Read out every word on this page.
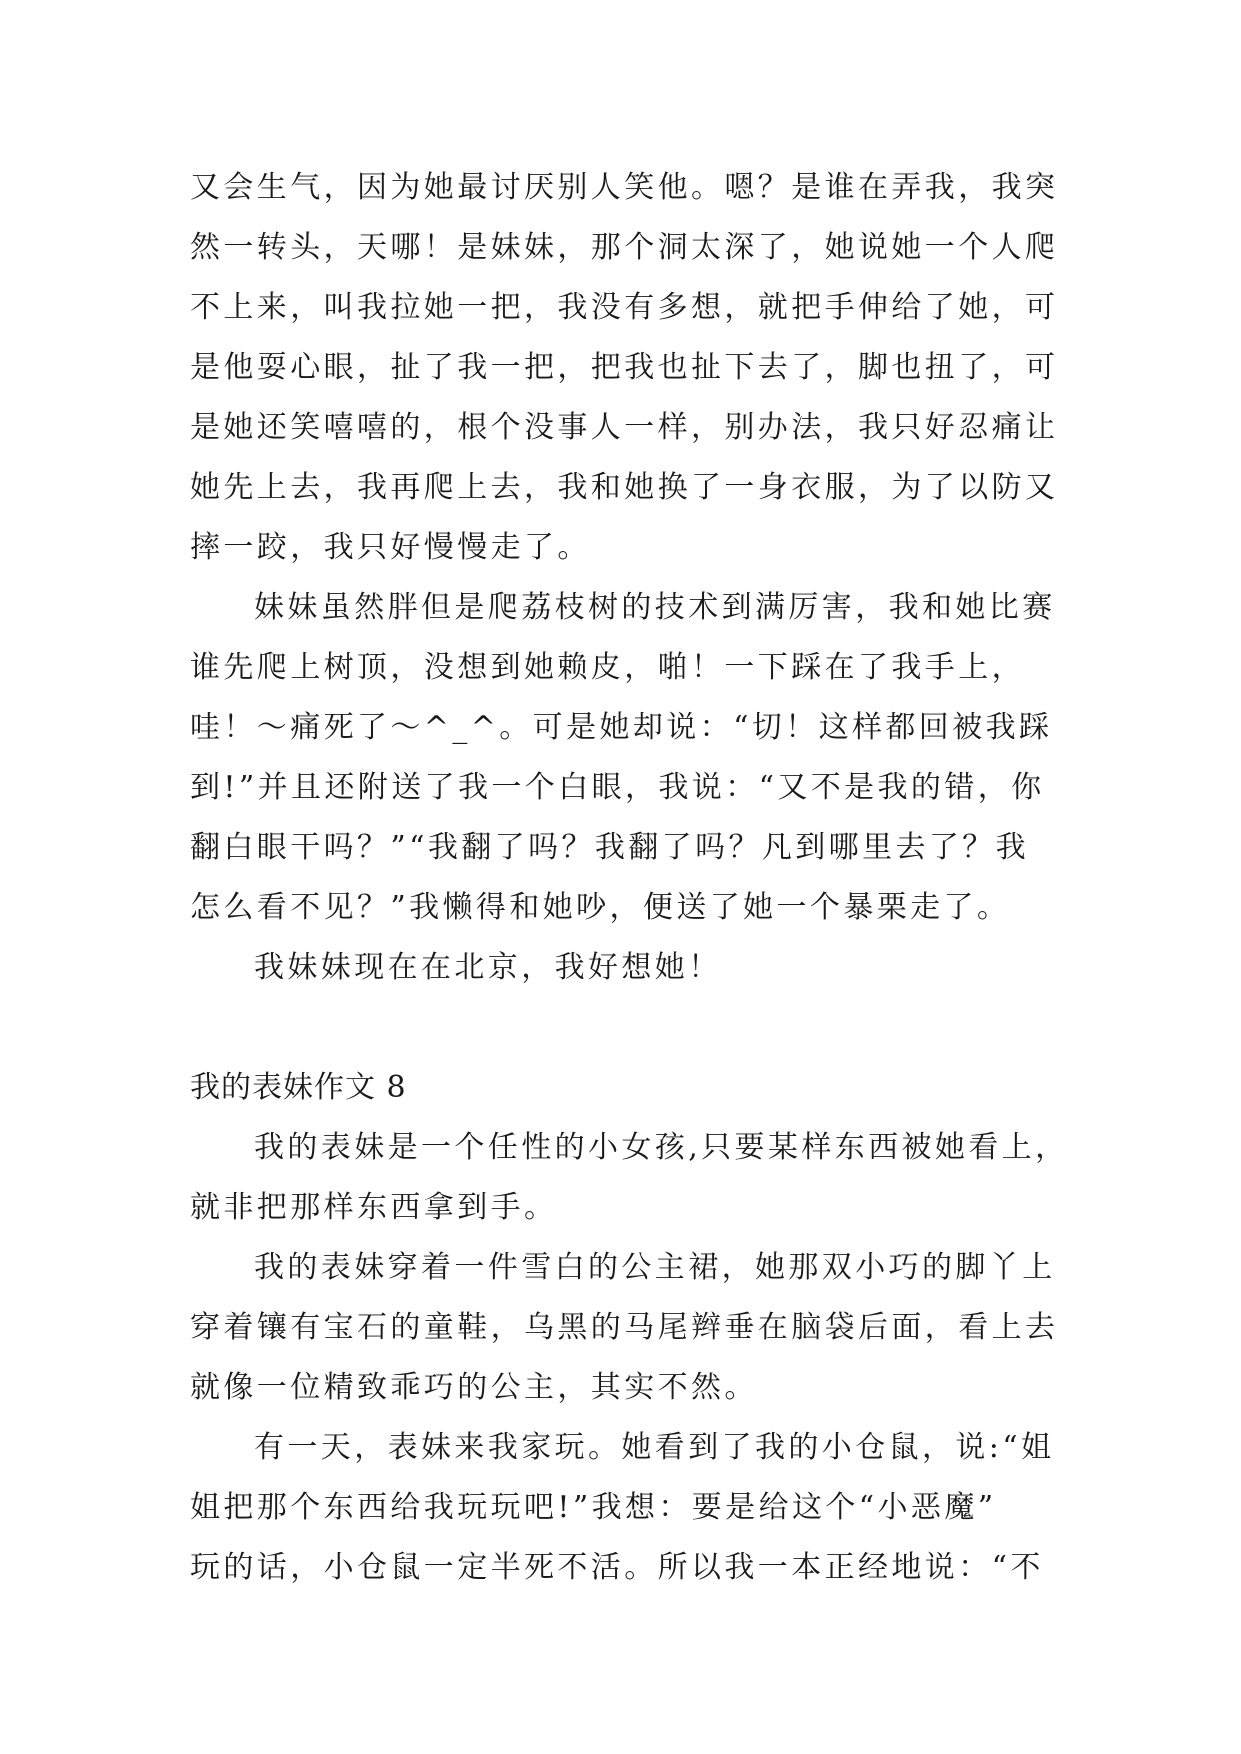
又会生气，因为她最讨厌别人笑他。嗯？是谁在弄我，我突
然一转头，天哪！是妹妹，那个洞太深了，她说她一个人爬
不上来，叫我拉她一把，我没有多想，就把手伸给了她，可
是他耍心眼，扯了我一把，把我也扯下去了，脚也扭了，可
是她还笑嘻嘻的，根个没事人一样，别办法，我只好忍痛让
她先上去，我再爬上去，我和她换了一身衣服，为了以防又
摔一跤，我只好慢慢走了。
妹妹虽然胖但是爬荔枝树的技术到满厉害，我和她比赛
谁先爬上树顶，没想到她赖皮，啪！一下踩在了我手上，
哇！～痛死了～^_^。可是她却说：“切！这样都回被我踩
到!”并且还附送了我一个白眼，我说：“又不是我的错，你
翻白眼干吗？”“我翻了吗？我翻了吗？凡到哪里去了？我
怎么看不见？”我懒得和她吵，便送了她一个暴栗走了。
我妹妹现在在北京，我好想她！
我的表妹作文 8
我的表妹是一个任性的小女孩,只要某样东西被她看上，
就非把那样东西拿到手。
我的表妹穿着一件雪白的公主裙，她那双小巧的脚丫上
穿着镶有宝石的童鞋，乌黑的马尾辫垂在脑袋后面，看上去
就像一位精致乖巧的公主，其实不然。
有一天，表妹来我家玩。她看到了我的小仓鼠，说:“姐
姐把那个东西给我玩玩吧!”我想：要是给这个“小恶魔”
玩的话，小仓鼠一定半死不活。所以我一本正经地说：“不
